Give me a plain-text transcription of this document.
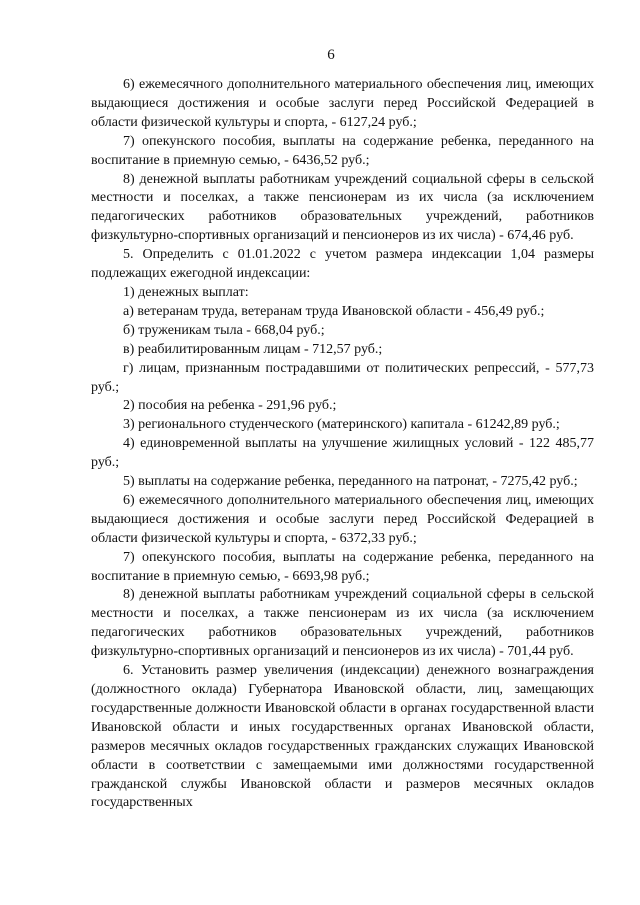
6

6) ежемесячного дополнительного материального обеспечения лиц, имеющих выдающиеся достижения и особые заслуги перед Российской Федерацией в области физической культуры и спорта, - 6127,24 руб.;

7) опекунского пособия, выплаты на содержание ребенка, переданного на воспитание в приемную семью, - 6436,52 руб.;

8) денежной выплаты работникам учреждений социальной сферы в сельской местности и поселках, а также пенсионерам из их числа (за исключением педагогических работников образовательных учреждений, работников физкультурно-спортивных организаций и пенсионеров из их числа) - 674,46 руб.

5. Определить с 01.01.2022 с учетом размера индексации 1,04 размеры подлежащих ежегодной индексации:

1) денежных выплат:

а) ветеранам труда, ветеранам труда Ивановской области - 456,49 руб.;

б) труженикам тыла - 668,04 руб.;

в) реабилитированным лицам - 712,57 руб.;

г) лицам, признанным пострадавшими от политических репрессий, - 577,73 руб.;

2) пособия на ребенка - 291,96 руб.;

3) регионального студенческого (материнского) капитала - 61242,89 руб.;

4) единовременной выплаты на улучшение жилищных условий - 122 485,77 руб.;

5) выплаты на содержание ребенка, переданного на патронат, - 7275,42 руб.;

6) ежемесячного дополнительного материального обеспечения лиц, имеющих выдающиеся достижения и особые заслуги перед Российской Федерацией в области физической культуры и спорта, - 6372,33 руб.;

7) опекунского пособия, выплаты на содержание ребенка, переданного на воспитание в приемную семью, - 6693,98 руб.;

8) денежной выплаты работникам учреждений социальной сферы в сельской местности и поселках, а также пенсионерам из их числа (за исключением педагогических работников образовательных учреждений, работников физкультурно-спортивных организаций и пенсионеров из их числа) - 701,44 руб.

6. Установить размер увеличения (индексации) денежного вознаграждения (должностного оклада) Губернатора Ивановской области, лиц, замещающих государственные должности Ивановской области в органах государственной власти Ивановской области и иных государственных органах Ивановской области, размеров месячных окладов государственных гражданских служащих Ивановской области в соответствии с замещаемыми ими должностями государственной гражданской службы Ивановской области и размеров месячных окладов государственных
